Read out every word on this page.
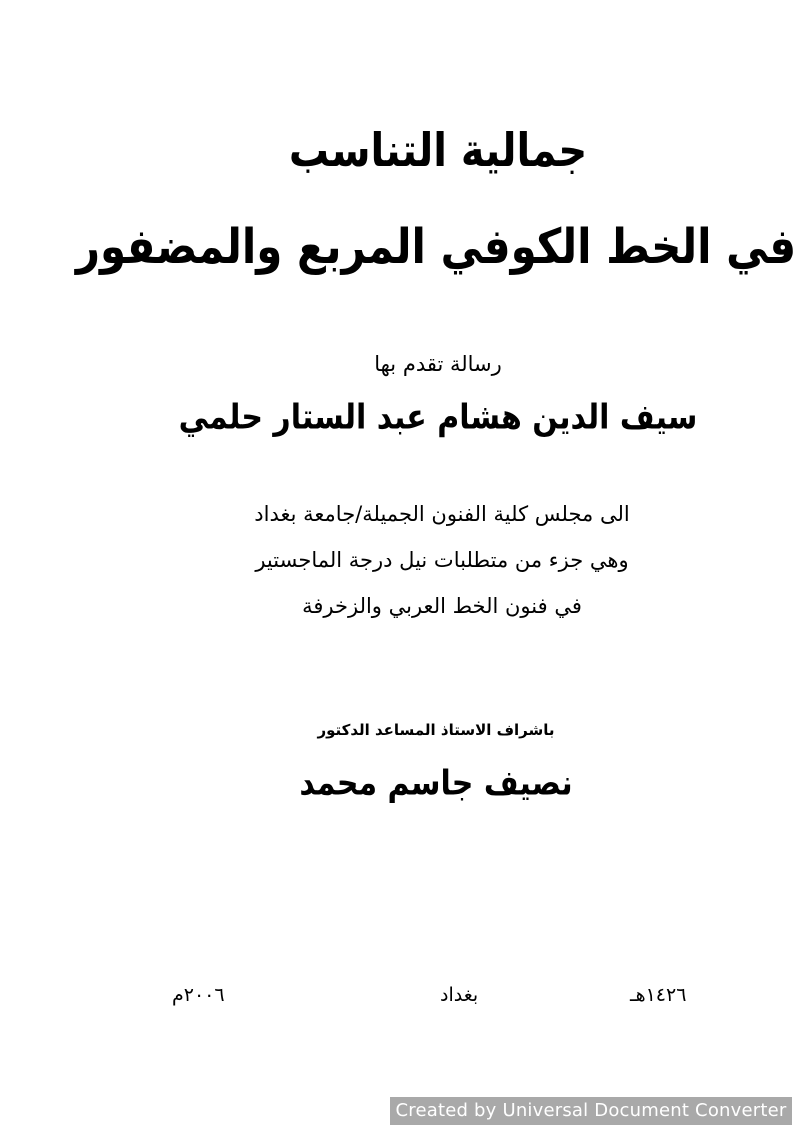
جمالية التناسب
في الخط الكوفي المربع والمضفور
رسالة تقدم بها
سيف الدين هشام عبد الستار حلمي
الى مجلس كلية الفنون الجميلة/جامعة بغداد
وهي جزء من متطلبات نيل درجة الماجستير
في فنون الخط العربي والزخرفة
باشراف الاستاذ المساعد الدكتور
نصيف جاسم محمد
١٤٢٦هـ
بغداد
٢٠٠٦م
Created by Universal Document Converter
